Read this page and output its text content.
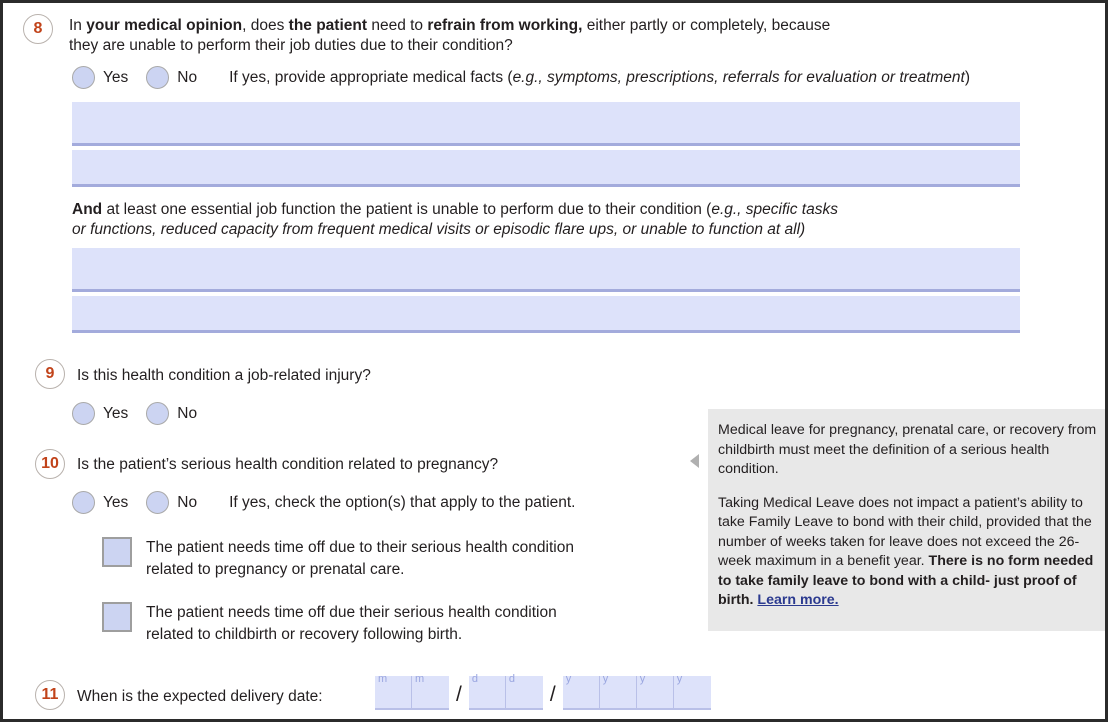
8 In your medical opinion, does the patient need to refrain from working, either partly or completely, because
they are unable to perform their job duties due to their condition?
Yes	No If yes, provide appropriate medical facts (e.g., symptoms, prescriptions, referrals for evaluation or treatment)
And at least one essential job function the patient is unable to perform due to their condition (e.g., specific tasks
or functions, reduced capacity from frequent medical visits or episodic flare ups, or unable to function at all)
9 Is this health condition a job-related injury?
Yes	No
10 Is the patient’s serious health condition related to pregnancy?
Yes	No If yes, check the option(s) that apply to the patient.
The patient needs time off due to their serious health condition
related to pregnancy or prenatal care.
The patient needs time off due their serious health condition
related to childbirth or recovery following birth.

Medical leave for pregnancy, prenatal care, or recovery from childbirth must meet the definition of a serious health condition.

Taking Medical Leave does not impact a patient’s ability to take Family Leave to bond with their child, provided that the number of weeks taken for leave does not exceed the 26-week maximum in a benefit year. There is no form needed to take family leave to bond with a child- just proof of birth. Learn more.

11 When is the expected delivery date:
m	m
/
d	d
/
y	y	y	y
